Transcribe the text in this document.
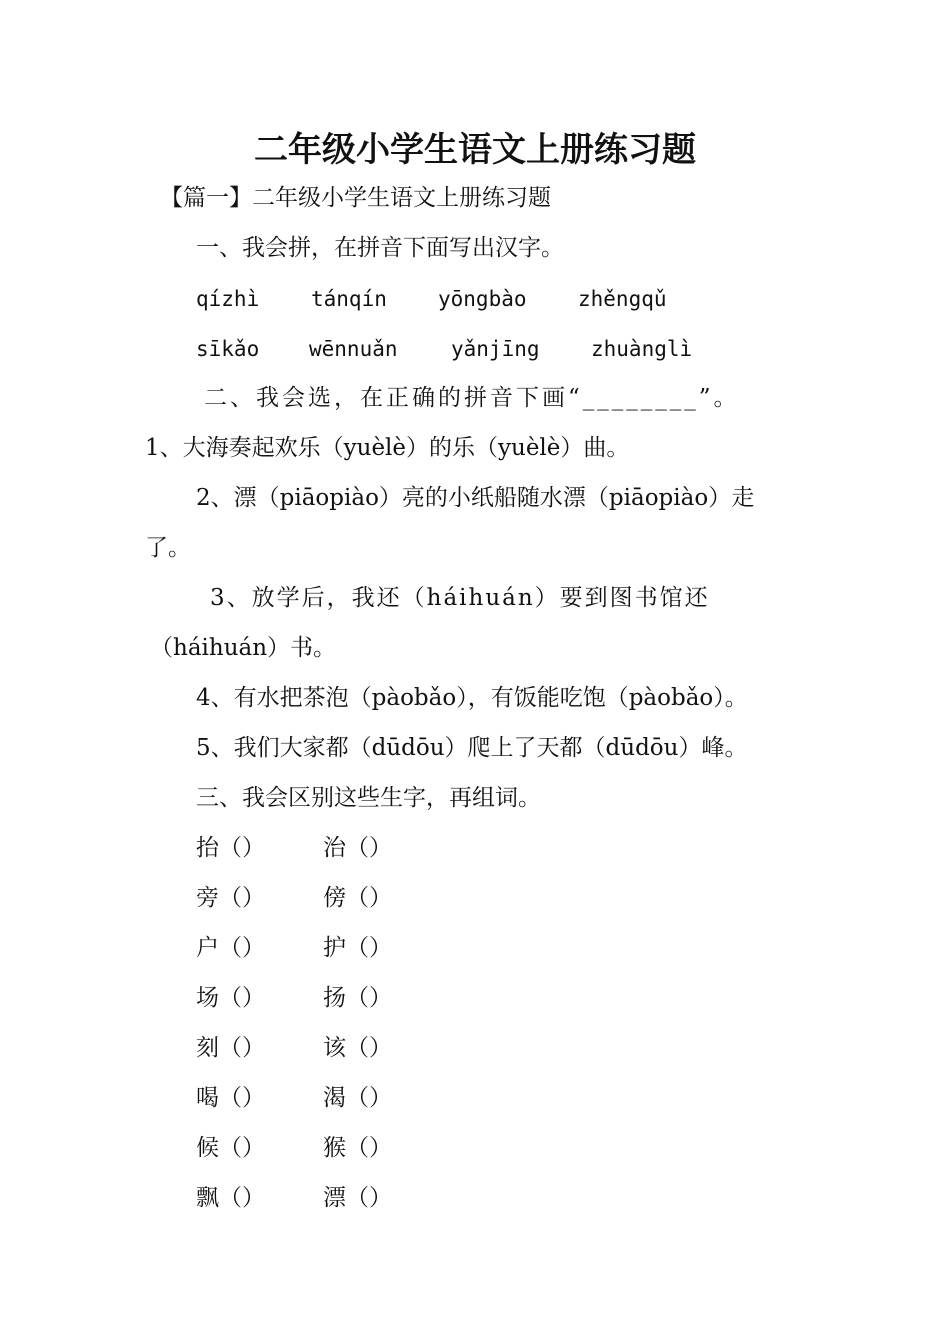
二年级小学生语文上册练习题
【篇一】二年级小学生语文上册练习题
一、我会拼，在拼音下面写出汉字。
qízhì tánqín yōngbào zhěngqǔ
sīkǎo wēnnuǎn	yǎnjīng zhuànglì
二、我会选，在正确的拼音下画“________”。
1、大海奏起欢乐（yuèlè）的乐（yuèlè）曲。
2、漂（piāopiào）亮的小纸船随水漂（piāopiào）走
了。
3、放学后，我还（háihuán）要到图书馆还
（háihuán）书。
4、有水把茶泡（pàobǎo），有饭能吃饱（pàobǎo）。
5、我们大家都（dūdōu）爬上了天都（dūdōu）峰。
三、我会区别这些生字，再组词。
抬（）	治（）
旁（）	傍（）
户（）	护（）
场（）	扬（）
刻（）	该（）
喝（）	渴（）
候（）	猴（）
飘（）	漂（）
